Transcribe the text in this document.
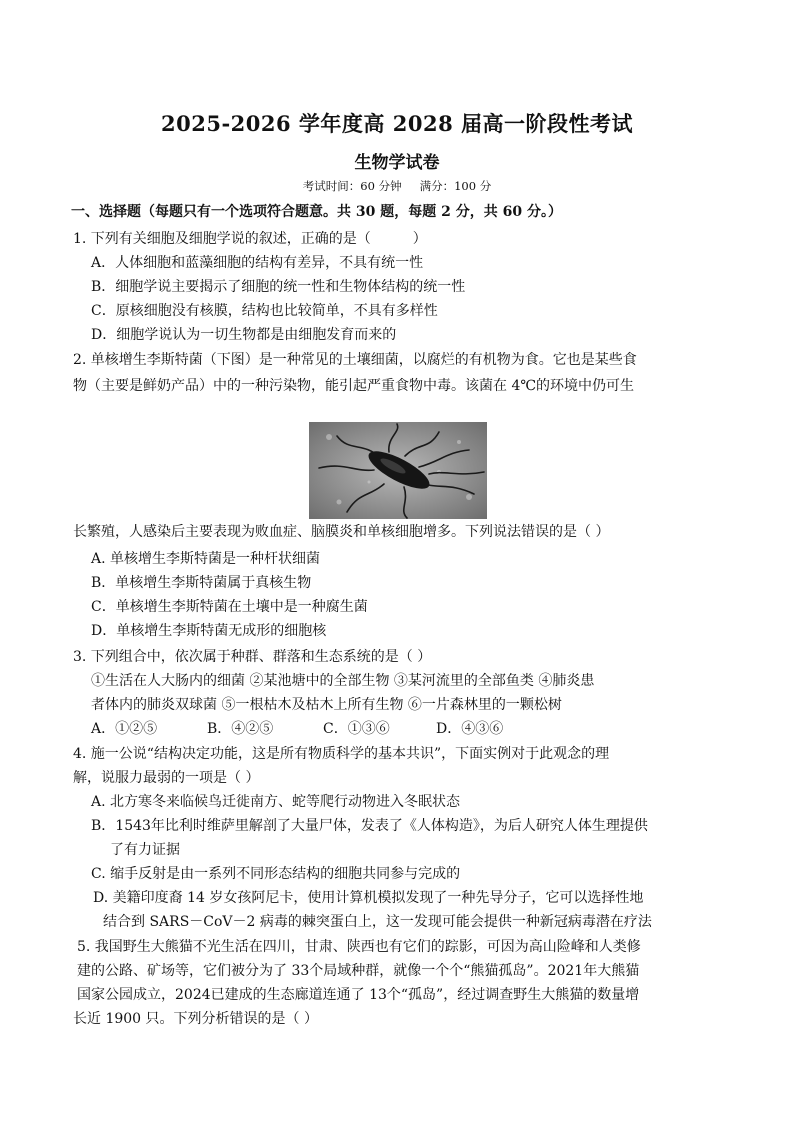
2025-2026 学年度高 2028 届高一阶段性考试
生物学试卷
考试时间：60 分钟 满分：100 分
一、选择题（每题只有一个选项符合题意。共 30 题，每题 2 分，共 60 分。）
1. 下列有关细胞及细胞学说的叙述，正确的是（　　　）
A．人体细胞和蓝藻细胞的结构有差异，不具有统一性
B．细胞学说主要揭示了细胞的统一性和生物体结构的统一性
C．原核细胞没有核膜，结构也比较简单，不具有多样性
D．细胞学说认为一切生物都是由细胞发育而来的
2. 单核增生李斯特菌（下图）是一种常见的土壤细菌，以腐烂的有机物为食。它也是某些食
物（主要是鲜奶产品）中的一种污染物，能引起严重食物中毒。该菌在 4℃的环境中仍可生
长繁殖，人感染后主要表现为败血症、脑膜炎和单核细胞增多。下列说法错误的是（ ）
A. 单核增生李斯特菌是一种杆状细菌
B．单核增生李斯特菌属于真核生物
C．单核增生李斯特菌在土壤中是一种腐生菌
D．单核增生李斯特菌无成形的细胞核
3. 下列组合中，依次属于种群、群落和生态系统的是（ ）
①生活在人大肠内的细菌 ②某池塘中的全部生物 ③某河流里的全部鱼类 ④肺炎患
者体内的肺炎双球菌 ⑤一根枯木及枯木上所有生物 ⑥一片森林里的一颗松树
A．①②⑤	B．④②⑤	C．①③⑥	D．④③⑥
4. 施一公说“结构决定功能，这是所有物质科学的基本共识”，下面实例对于此观念的理
解，说服力最弱的一项是（ ）
A. 北方寒冬来临候鸟迁徙南方、蛇等爬行动物进入冬眠状态
B．1543年比利时维萨里解剖了大量尸体，发表了《人体构造》，为后人研究人体生理提供
了有力证据
C. 缩手反射是由一系列不同形态结构的细胞共同参与完成的
D. 美籍印度裔 14 岁女孩阿尼卡，使用计算机模拟发现了一种先导分子，它可以选择性地
结合到 SARS－CoV－2 病毒的棘突蛋白上，这一发现可能会提供一种新冠病毒潜在疗法
5. 我国野生大熊猫不光生活在四川，甘肃、陕西也有它们的踪影，可因为高山险峰和人类修
建的公路、矿场等，它们被分为了 33个局域种群，就像一个个“熊猫孤岛”。2021年大熊猫
国家公园成立，2024已建成的生态廊道连通了 13个“孤岛”，经过调查野生大熊猫的数量增
长近 1900 只。下列分析错误的是（ ）
